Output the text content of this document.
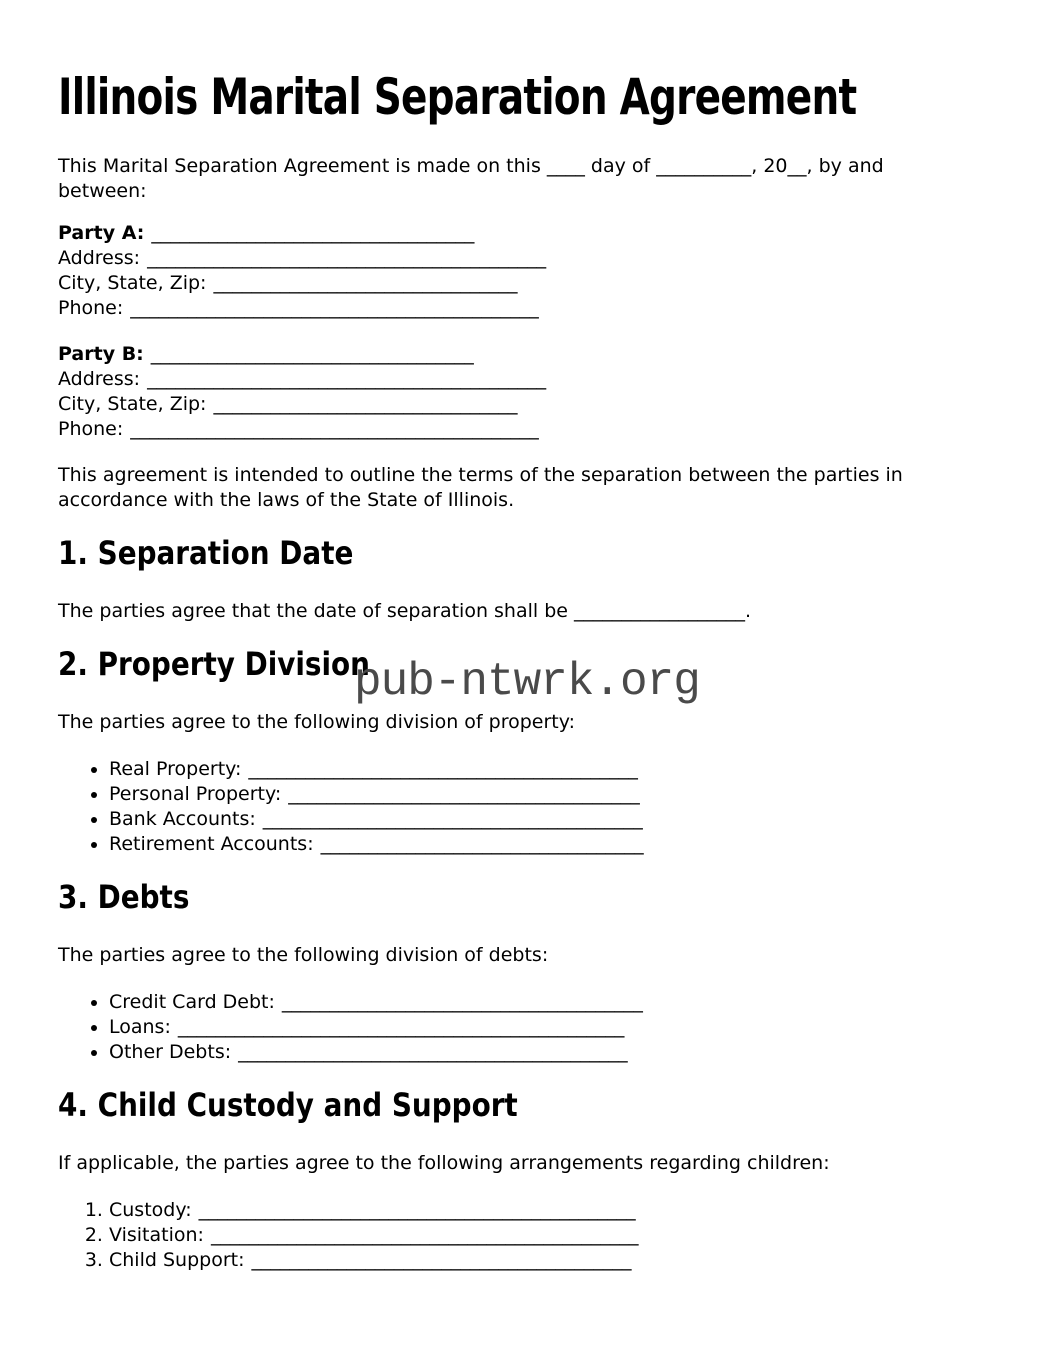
Illinois Marital Separation Agreement

This Marital Separation Agreement is made on this ____ day of __________, 20__, by and
between:

Party A: __________________________________
Address: __________________________________________
City, State, Zip: ________________________________
Phone: ___________________________________________
Party B: __________________________________
Address: __________________________________________
City, State, Zip: ________________________________
Phone: ___________________________________________

This agreement is intended to outline the terms of the separation between the parties in
accordance with the laws of the State of Illinois.

1. Separation Date

The parties agree that the date of separation shall be __________________.

2. Property Division

The parties agree to the following division of property:

• Real Property: _________________________________________
• Personal Property: _____________________________________
• Bank Accounts: ________________________________________
• Retirement Accounts: __________________________________
3. Debts

The parties agree to the following division of debts:

• Credit Card Debt: ______________________________________
• Loans: _______________________________________________
• Other Debts: _________________________________________
4. Child Custody and Support

If applicable, the parties agree to the following arrangements regarding children:

1. Custody: ______________________________________________
2. Visitation: _____________________________________________
3. Child Support: ________________________________________
pub-ntwrk.org
